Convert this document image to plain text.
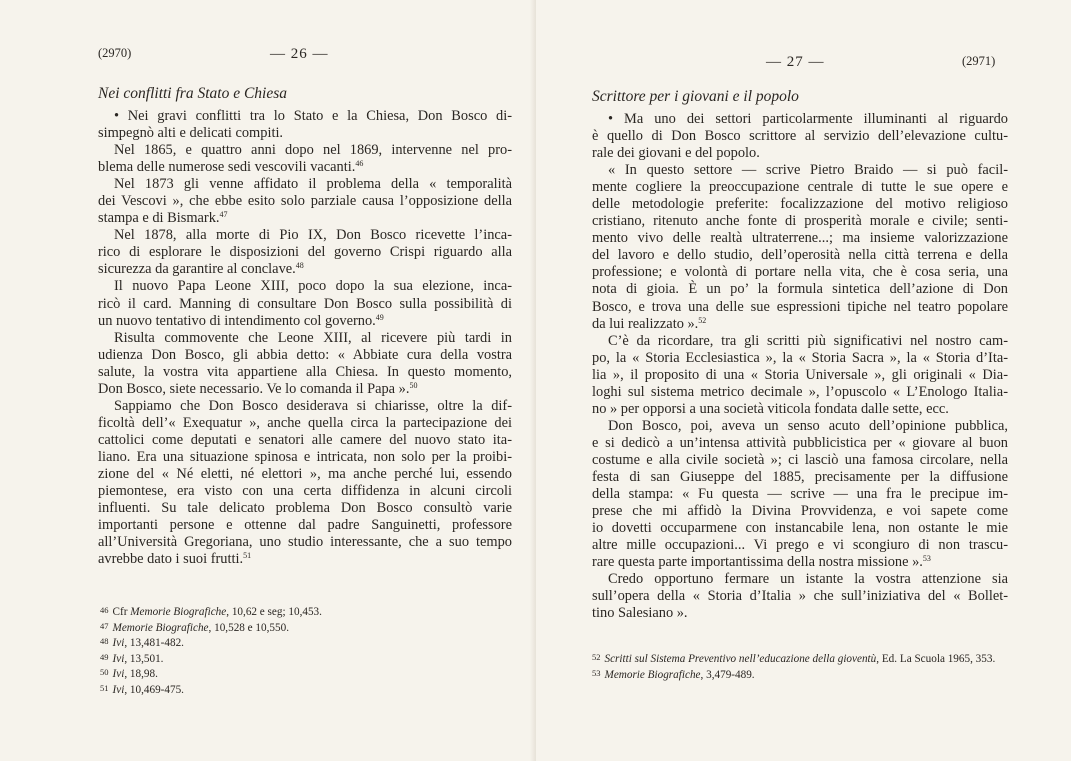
(2970)	— 26 —
Nei conflitti fra Stato e Chiesa
• Nei gravi conflitti tra lo Stato e la Chiesa, Don Bosco di-
simpegnò alti e delicati compiti.
Nel 1865, e quattro anni dopo nel 1869, intervenne nel pro-
blema delle numerose sedi vescovili vacanti.$^{46}$
Nel 1873 gli venne affidato il problema della « temporalità
dei Vescovi », che ebbe esito solo parziale causa l’opposizione della
stampa e di Bismark.$^{47}$
Nel 1878, alla morte di Pio IX, Don Bosco ricevette l’inca-
rico di esplorare le disposizioni del governo Crispi riguardo alla
sicurezza da garantire al conclave.$^{48}$
Il nuovo Papa Leone XIII, poco dopo la sua elezione, inca-
ricò il card. Manning di consultare Don Bosco sulla possibilità di
un nuovo tentativo di intendimento col governo.$^{49}$
Risulta commovente che Leone XIII, al ricevere più tardi in
udienza Don Bosco, gli abbia detto: « Abbiate cura della vostra
salute, la vostra vita appartiene alla Chiesa. In questo momento,
Don Bosco, siete necessario. Ve lo comanda il Papa ».$^{50}$
Sappiamo che Don Bosco desiderava si chiarisse, oltre la dif-
ficoltà dell’« Exequatur », anche quella circa la partecipazione dei
cattolici come deputati e senatori alle camere del nuovo stato ita-
liano. Era una situazione spinosa e intricata, non solo per la proibi-
zione del « Né eletti, né elettori », ma anche perché lui, essendo
piemontese, era visto con una certa diffidenza in alcuni circoli
influenti. Su tale delicato problema Don Bosco consultò varie
importanti persone e ottenne dal padre Sanguinetti, professore
all’Università Gregoriana, uno studio interessante, che a suo tempo
avrebbe dato i suoi frutti.$^{51}$
46 Cfr Memorie Biografiche, 10,62 e seg; 10,453.
47 Memorie Biografiche, 10,528 e 10,550.
48 Ivi, 13,481-482.
49 Ivi, 13,501.
50 Ivi, 18,98.
51 Ivi, 10,469-475.
— 27 —	(2971)
Scrittore per i giovani e il popolo
• Ma uno dei settori particolarmente illuminanti al riguardo
è quello di Don Bosco scrittore al servizio dell’elevazione cultu-
rale dei giovani e del popolo.
« In questo settore — scrive Pietro Braido — si può facil-
mente cogliere la preoccupazione centrale di tutte le sue opere e
delle metodologie preferite: focalizzazione del motivo religioso
cristiano, ritenuto anche fonte di prosperità morale e civile; senti-
mento vivo delle realtà ultraterrene...; ma insieme valorizzazione
del lavoro e dello studio, dell’operosità nella città terrena e della
professione; e volontà di portare nella vita, che è cosa seria, una
nota di gioia. È un po’ la formula sintetica dell’azione di Don
Bosco, e trova una delle sue espressioni tipiche nel teatro popolare
da lui realizzato ».$^{52}$
C’è da ricordare, tra gli scritti più significativi nel nostro cam-
po, la « Storia Ecclesiastica », la « Storia Sacra », la « Storia d’Ita-
lia », il proposito di una « Storia Universale », gli originali « Dia-
loghi sul sistema metrico decimale », l’opuscolo « L’Enologo Italia-
no » per opporsi a una società viticola fondata dalle sette, ecc.
Don Bosco, poi, aveva un senso acuto dell’opinione pubblica,
e si dedicò a un’intensa attività pubblicistica per « giovare al buon
costume e alla civile società »; ci lasciò una famosa circolare, nella
festa di san Giuseppe del 1885, precisamente per la diffusione
della stampa: « Fu questa — scrive — una fra le precipue im-
prese che mi affidò la Divina Provvidenza, e voi sapete come
io dovetti occuparmene con instancabile lena, non ostante le mie
altre mille occupazioni... Vi prego e vi scongiuro di non trascu-
rare questa parte importantissima della nostra missione ».$^{53}$
Credo opportuno fermare un istante la vostra attenzione sia
sull’opera della « Storia d’Italia » che sull’iniziativa del « Bollet-
tino Salesiano ».
52 Scritti sul Sistema Preventivo nell’educazione della gioventù, Ed. La Scuola 1965, 353.
53 Memorie Biografiche, 3,479-489.
